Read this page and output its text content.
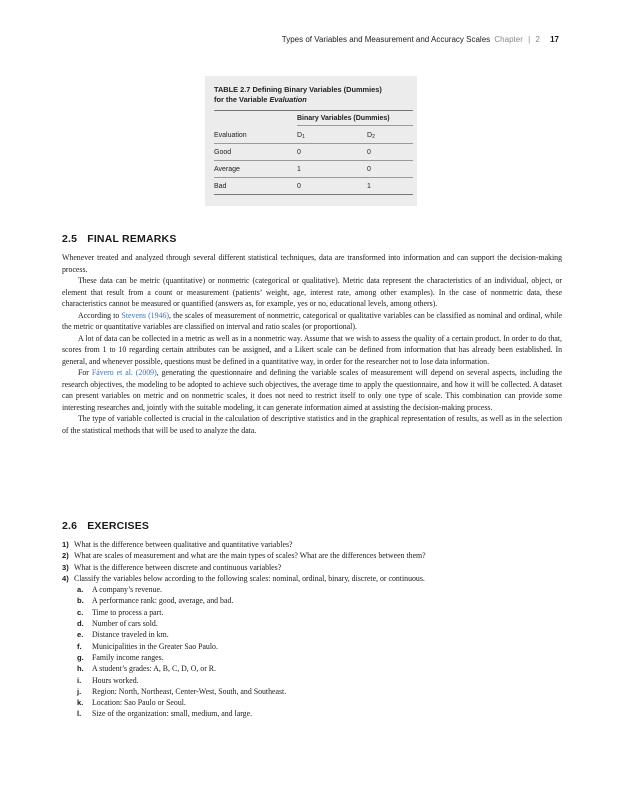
Types of Variables and Measurement and Accuracy Scales Chapter | 2 17
TABLE 2.7 Defining Binary Variables (Dummies)
for the Variable Evaluation
Binary Variables (Dummies)
Evaluation	$D_1$	$D_2$
Good	0	0
Average	1	0
Bad	0	1
2.5 FINAL REMARKS

Whenever treated and analyzed through several different statistical techniques, data are transformed into information and can support the decision-making process.

These data can be metric (quantitative) or nonmetric (categorical or qualitative). Metric data represent the characteristics of an individual, object, or element that result from a count or measurement (patients’ weight, age, interest rate, among other examples). In the case of nonmetric data, these characteristics cannot be measured or quantified (answers as, for example, yes or no, educational levels, among others).

According to Stevens (1946), the scales of measurement of nonmetric, categorical or qualitative variables can be classified as nominal and ordinal, while the metric or quantitative variables are classified on interval and ratio scales (or proportional).

A lot of data can be collected in a metric as well as in a nonmetric way. Assume that we wish to assess the quality of a certain product. In order to do that, scores from 1 to 10 regarding certain attributes can be assigned, and a Likert scale can be defined from information that has already been established. In general, and whenever possible, questions must be defined in a quantitative way, in order for the researcher not to lose data information.

For Fávero et al. (2009), generating the questionnaire and defining the variable scales of measurement will depend on several aspects, including the research objectives, the modeling to be adopted to achieve such objectives, the average time to apply the questionnaire, and how it will be collected. A dataset can present variables on metric and on nonmetric scales, it does not need to restrict itself to only one type of scale. This combination can provide some interesting researches and, jointly with the suitable modeling, it can generate information aimed at assisting the decision-making process.

The type of variable collected is crucial in the calculation of descriptive statistics and in the graphical representation of results, as well as in the selection of the statistical methods that will be used to analyze the data.

2.6 EXERCISES
1) What is the difference between qualitative and quantitative variables?
2) What are scales of measurement and what are the main types of scales? What are the differences between them?
3) What is the difference between discrete and continuous variables?
4) Classify the variables below according to the following scales: nominal, ordinal, binary, discrete, or continuous.
a. A company’s revenue.
b. A performance rank: good, average, and bad.
c. Time to process a part.
d. Number of cars sold.
e. Distance traveled in km.
f. Municipalities in the Greater Sao Paulo.
g. Family income ranges.
h. A student’s grades: A, B, C, D, O, or R.
i. Hours worked.
j. Region: North, Northeast, Center-West, South, and Southeast.
k. Location: Sao Paulo or Seoul.
l. Size of the organization: small, medium, and large.
